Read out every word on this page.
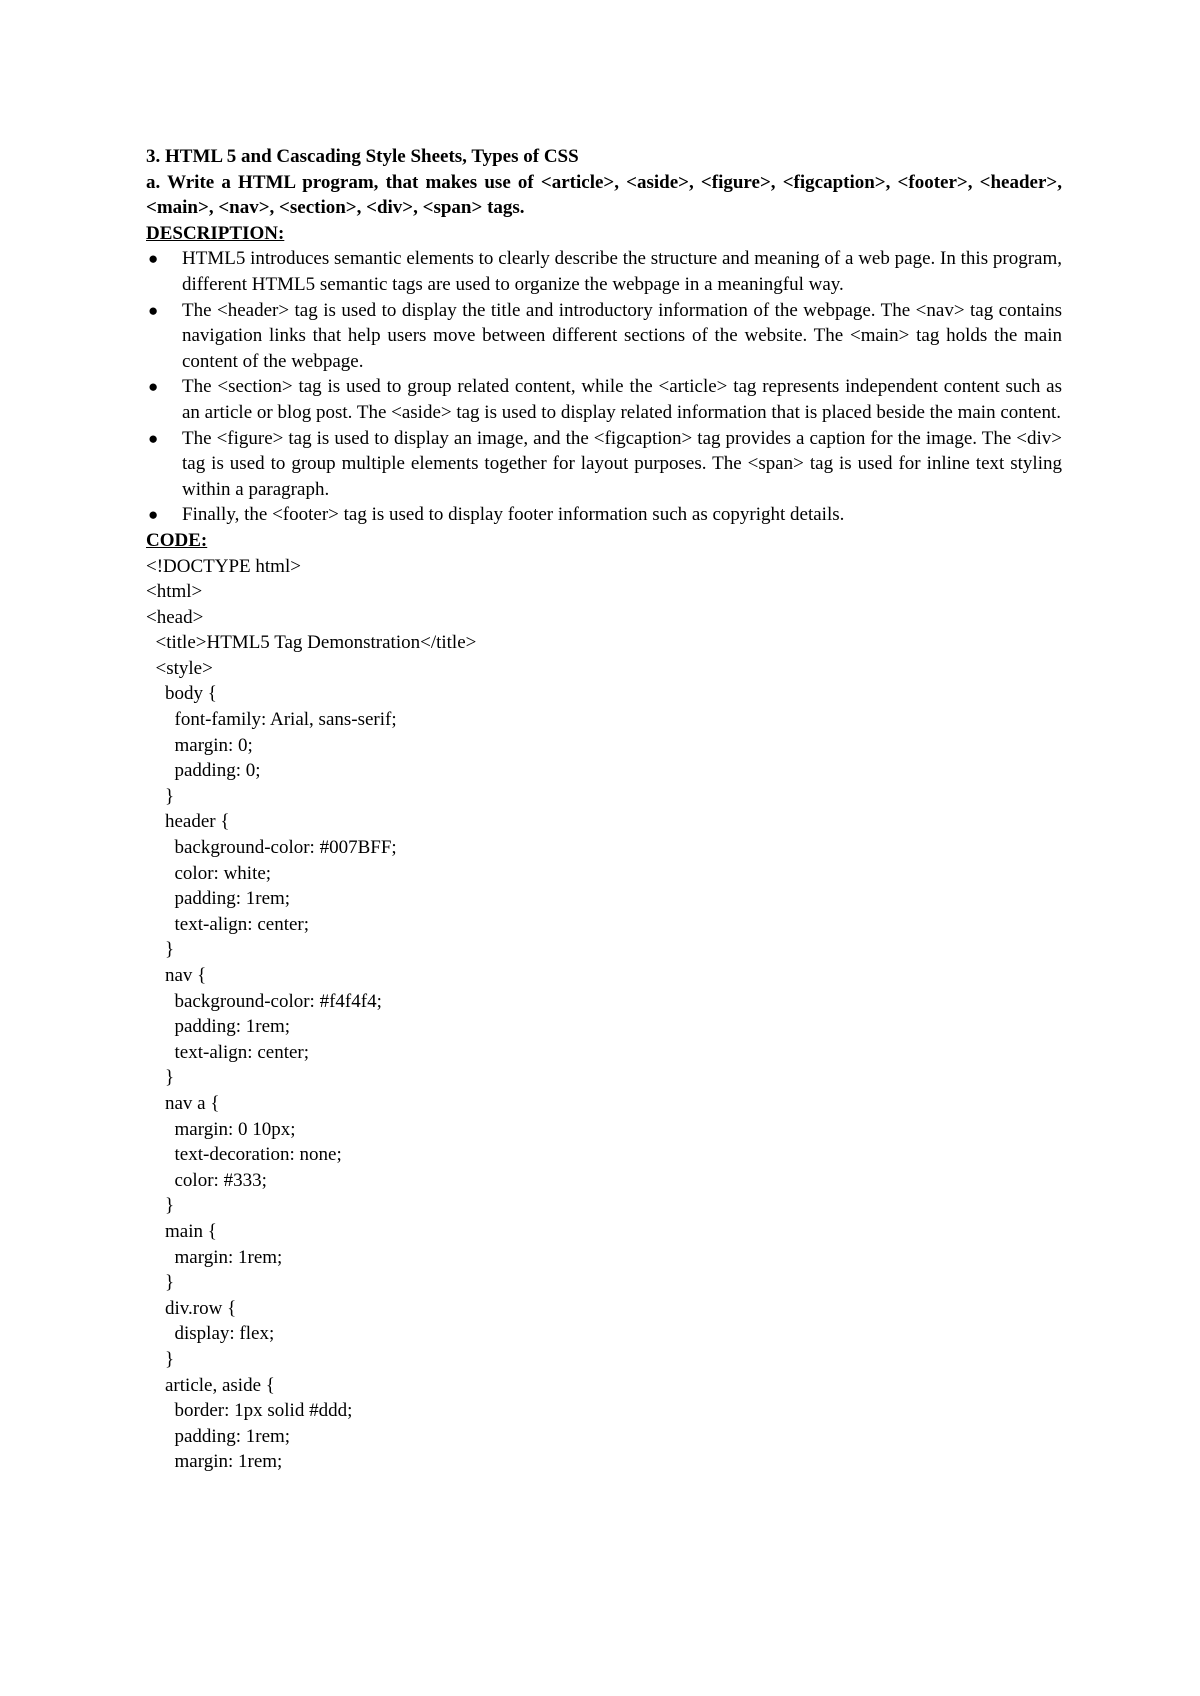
3. HTML 5 and Cascading Style Sheets, Types of CSS

a. Write a HTML program, that makes use of <article>, <aside>, <figure>, <figcaption>, <footer>, <header>, <main>, <nav>, <section>, <div>, <span> tags.

DESCRIPTION:

● HTML5 introduces semantic elements to clearly describe the structure and meaning of a web page. In this program, different HTML5 semantic tags are used to organize the webpage in a meaningful way.
● The <header> tag is used to display the title and introductory information of the webpage. The <nav> tag contains navigation links that help users move between different sections of the website. The <main> tag holds the main content of the webpage.
● The <section> tag is used to group related content, while the <article> tag represents independent content such as an article or blog post. The <aside> tag is used to display related information that is placed beside the main content.
● The <figure> tag is used to display an image, and the <figcaption> tag provides a caption for the image. The <div> tag is used to group multiple elements together for layout purposes. The <span> tag is used for inline text styling within a paragraph.
● Finally, the <footer> tag is used to display footer information such as copyright details.

CODE:

<!DOCTYPE html>
<html>
<head>
<title>HTML5 Tag Demonstration</title>
<style>
body {
font-family: Arial, sans-serif;
margin: 0;
padding: 0;
}
header {
background-color: #007BFF;
color: white;
padding: 1rem;
text-align: center;
}
nav {
background-color: #f4f4f4;
padding: 1rem;
text-align: center;
}
nav a {
margin: 0 10px;
text-decoration: none;
color: #333;
}
main {
margin: 1rem;
}
div.row {
display: flex;
}
article, aside {
border: 1px solid #ddd;
padding: 1rem;
margin: 1rem;
